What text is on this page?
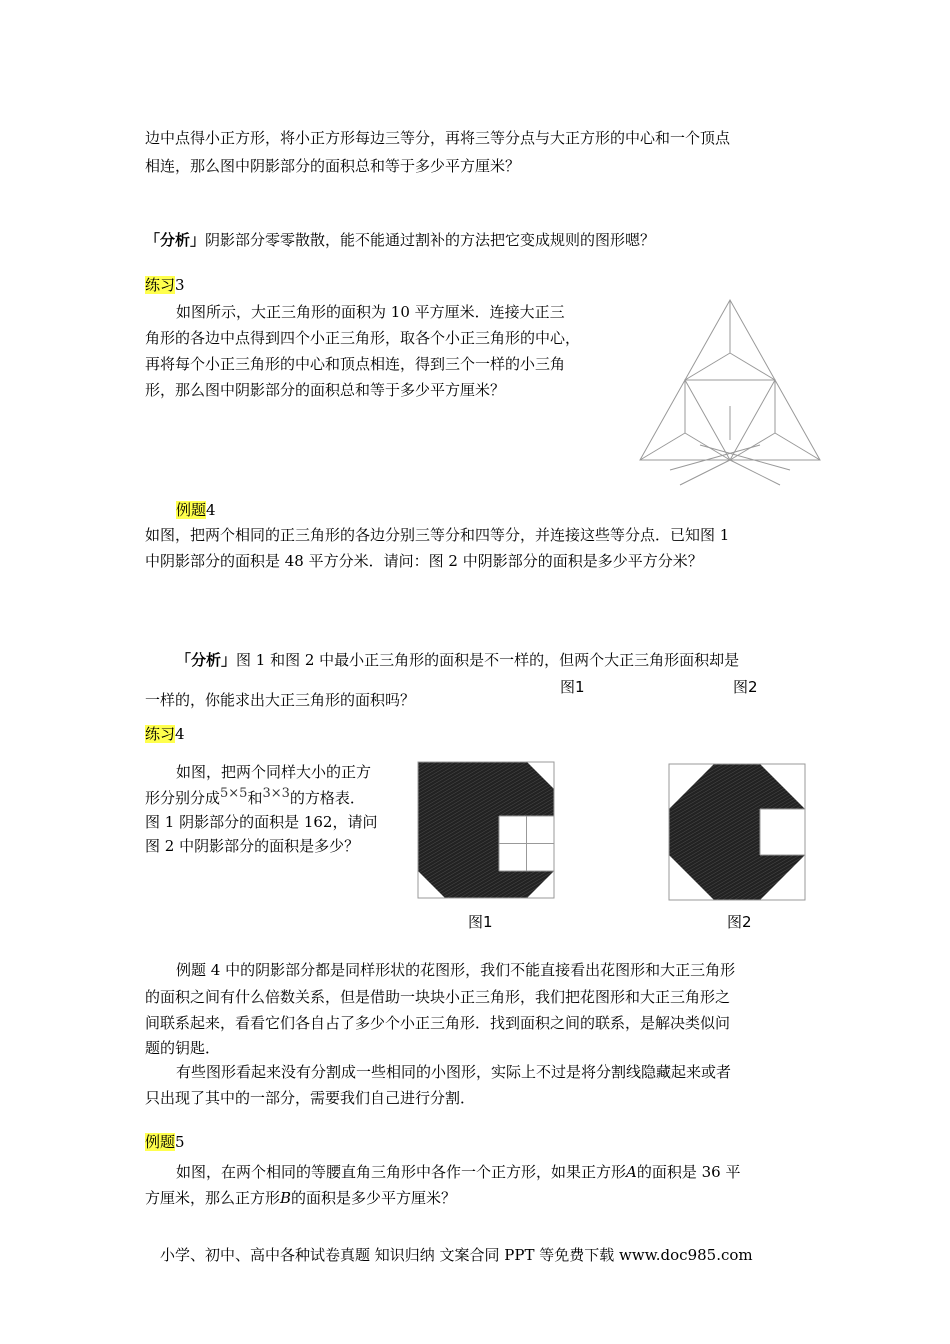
边中点得小正方形，将小正方形每边三等分，再将三等分点与大正方形的中心和一个顶点
相连，那么图中阴影部分的面积总和等于多少平方厘米？
「分析」阴影部分零零散散，能不能通过割补的方法把它变成规则的图形嗯？
练习3
如图所示，大正三角形的面积为 10 平方厘米．连接大正三
角形的各边中点得到四个小正三角形，取各个小正三角形的中心，
再将每个小正三角形的中心和顶点相连，得到三个一样的小三角
形，那么图中阴影部分的面积总和等于多少平方厘米？
例题4
如图，把两个相同的正三角形的各边分别三等分和四等分，并连接这些等分点．已知图 1
中阴影部分的面积是 48 平方分米．请问：图 2 中阴影部分的面积是多少平方分米？
「分析」图 1 和图 2 中最小正三角形的面积是不一样的，但两个大正三角形面积却是
一样的，你能求出大正三角形的面积吗？
图1	图2
练习4
如图，把两个同样大小的正方
形分别分成5×5和3×3的方格表．
图 1 阴影部分的面积是 162，请问
图 2 中阴影部分的面积是多少？
图1	图2
例题 4 中的阴影部分都是同样形状的花图形，我们不能直接看出花图形和大正三角形
的面积之间有什么倍数关系，但是借助一块块小正三角形，我们把花图形和大正三角形之
间联系起来，看看它们各自占了多少个小正三角形．找到面积之间的联系，是解决类似问
题的钥匙．
有些图形看起来没有分割成一些相同的小图形，实际上不过是将分割线隐藏起来或者
只出现了其中的一部分，需要我们自己进行分割．
例题5
如图，在两个相同的等腰直角三角形中各作一个正方形，如果正方形A的面积是 36 平
方厘米，那么正方形B的面积是多少平方厘米？
小学、初中、高中各种试卷真题 知识归纳 文案合同 PPT 等免费下载 www.doc985.com
